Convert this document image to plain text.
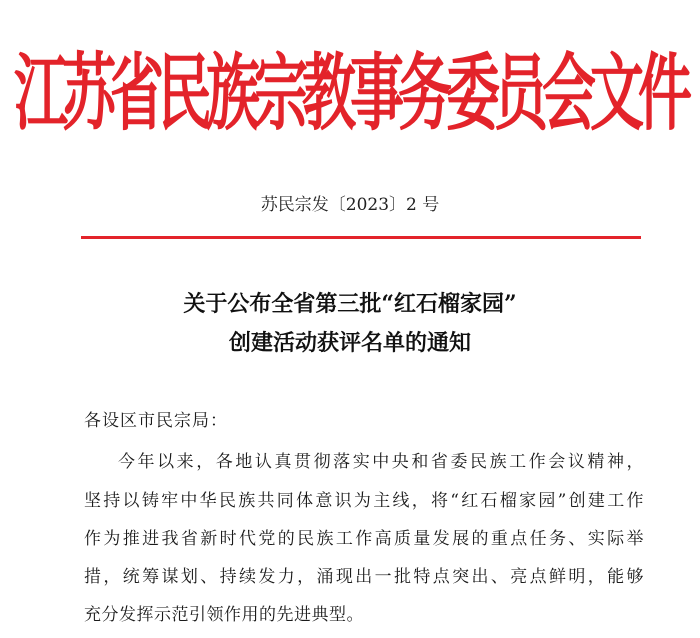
江苏省民族宗教事务委员会文件
苏民宗发〔2023〕2 号
关于公布全省第三批“红石榴家园”
创建活动获评名单的通知
各设区市民宗局：
今年以来，各地认真贯彻落实中央和省委民族工作会议精神，
坚持以铸牢中华民族共同体意识为主线，将“红石榴家园”创建工作
作为推进我省新时代党的民族工作高质量发展的重点任务、实际举
措，统筹谋划、持续发力，涌现出一批特点突出、亮点鲜明，能够
充分发挥示范引领作用的先进典型。
